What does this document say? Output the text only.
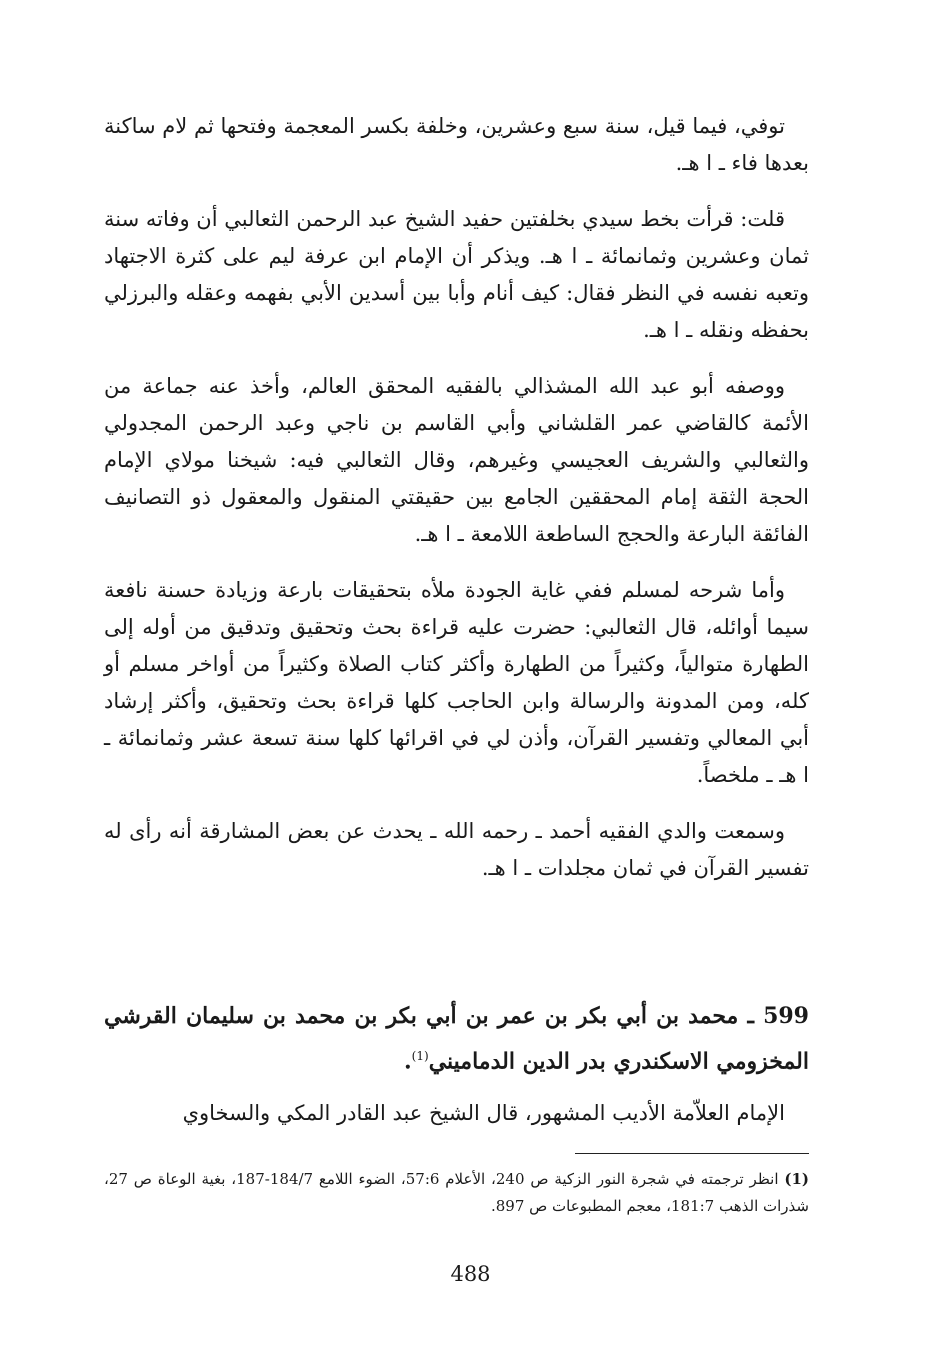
توفي، فيما قيل، سنة سبع وعشرين، وخلفة بكسر المعجمة وفتحها ثم لام ساكنة بعدها فاء ـ ا هـ.

قلت: قرأت بخط سيدي بخلفتين حفيد الشيخ عبد الرحمن الثعالبي أن وفاته سنة ثمان وعشرين وثمانمائة ـ ا هـ. ويذكر أن الإمام ابن عرفة ليم على كثرة الاجتهاد وتعبه نفسه في النظر فقال: كيف أنام وأبا بين أسدين الأبي بفهمه وعقله والبرزلي بحفظه ونقله ـ ا هـ.

ووصفه أبو عبد الله المشذالي بالفقيه المحقق العالم، وأخذ عنه جماعة من الأئمة كالقاضي عمر القلشاني وأبي القاسم بن ناجي وعبد الرحمن المجدولي والثعالبي والشريف العجيسي وغيرهم، وقال الثعالبي فيه: شيخنا مولاي الإمام الحجة الثقة إمام المحققين الجامع بين حقيقتي المنقول والمعقول ذو التصانيف الفائقة البارعة والحجج الساطعة اللامعة ـ ا هـ.

وأما شرحه لمسلم ففي غاية الجودة ملأه بتحقيقات بارعة وزيادة حسنة نافعة سيما أوائله، قال الثعالبي: حضرت عليه قراءة بحث وتحقيق وتدقيق من أوله إلى الطهارة متوالياً، وكثيراً من الطهارة وأكثر كتاب الصلاة وكثيراً من أواخر مسلم أو كله، ومن المدونة والرسالة وابن الحاجب كلها قراءة بحث وتحقيق، وأكثر إرشاد أبي المعالي وتفسير القرآن، وأذن لي في اقرائها كلها سنة تسعة عشر وثمانمائة ـ ا هـ ـ ملخصاً.

وسمعت والدي الفقيه أحمد ـ رحمه الله ـ يحدث عن بعض المشارقة أنه رأى له تفسير القرآن في ثمان مجلدات ـ ا هـ.

599 ـ محمد بن أبي بكر بن عمر بن أبي بكر بن محمد بن سليمان القرشي المخزومي الاسكندري بدر الدين الدماميني$^{(1)}$.

الإمام العلاّمة الأديب المشهور، قال الشيخ عبد القادر المكي والسخاوي

(1) انظر ترجمته في شجرة النور الزكية ص 240، الأعلام 57:6، الضوء اللامع 184/7-187، بغية الوعاة ص 27، شذرات الذهب 181:7، معجم المطبوعات ص 897.

488
